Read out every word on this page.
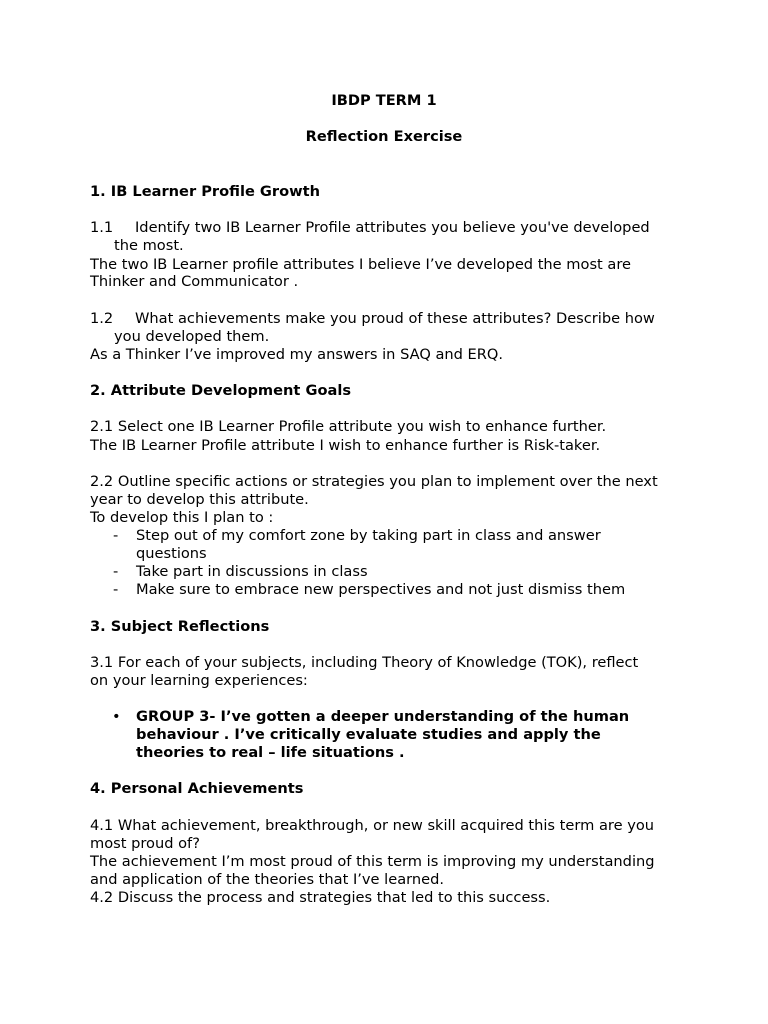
IBDP TERM 1

Reflection Exercise

1. IB Learner Profile Growth

1.1 Identify two IB Learner Profile attributes you believe you've developed

the most.

The two IB Learner profile attributes I believe I’ve developed the most are

Thinker and Communicator .

1.2 What achievements make you proud of these attributes? Describe how

you developed them.

As a Thinker I’ve improved my answers in SAQ and ERQ.

2. Attribute Development Goals

2.1 Select one IB Learner Profile attribute you wish to enhance further.

The IB Learner Profile attribute I wish to enhance further is Risk-taker.

2.2 Outline specific actions or strategies you plan to implement over the next

year to develop this attribute.

To develop this I plan to :

- Step out of my comfort zone by taking part in class and answer

questions

- Take part in discussions in class

- Make sure to embrace new perspectives and not just dismiss them

3. Subject Reflections

3.1 For each of your subjects, including Theory of Knowledge (TOK), reflect

on your learning experiences:

• GROUP 3- I’ve gotten a deeper understanding of the human

behaviour . I’ve critically evaluate studies and apply the

theories to real – life situations .

4. Personal Achievements

4.1 What achievement, breakthrough, or new skill acquired this term are you

most proud of?

The achievement I’m most proud of this term is improving my understanding

and application of the theories that I’ve learned.

4.2 Discuss the process and strategies that led to this success.
